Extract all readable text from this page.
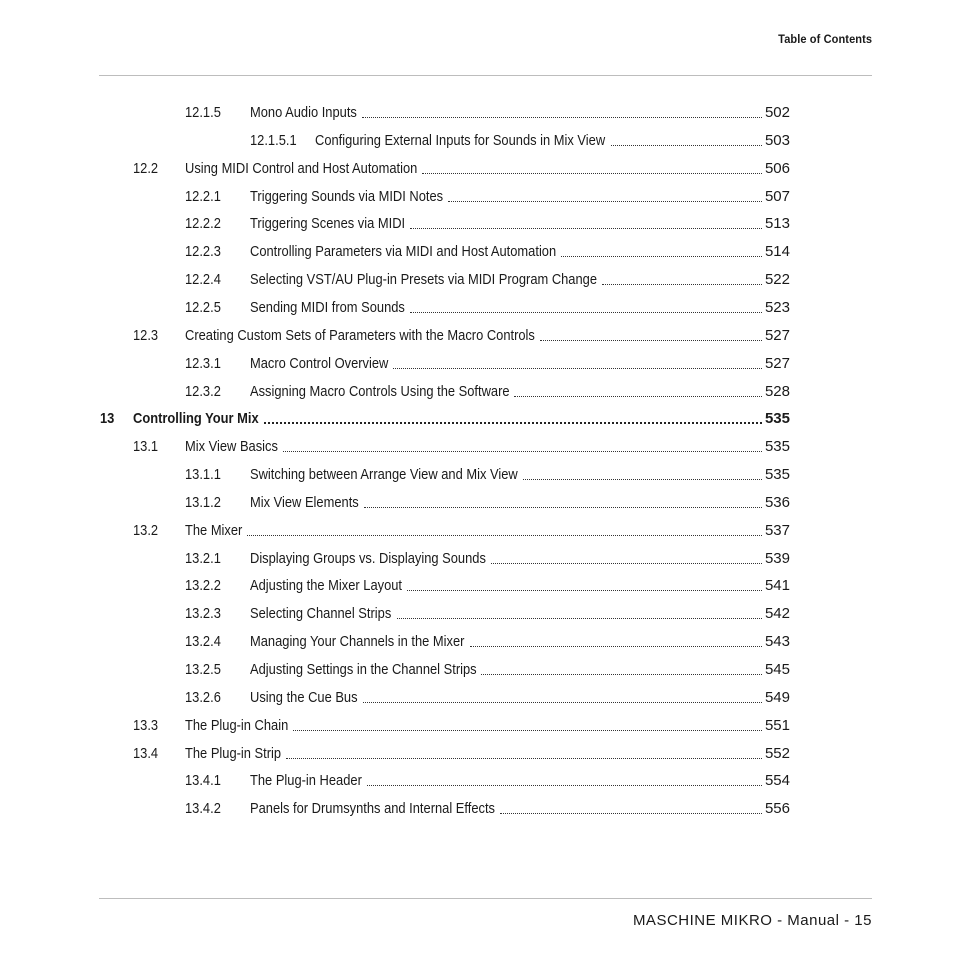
Table of Contents
12.1.5 Mono Audio Inputs	502
12.1.5.1 Configuring External Inputs for Sounds in Mix View	503
12.2 Using MIDI Control and Host Automation	506
12.2.1 Triggering Sounds via MIDI Notes	507
12.2.2 Triggering Scenes via MIDI	513
12.2.3 Controlling Parameters via MIDI and Host Automation	514
12.2.4 Selecting VST/AU Plug-in Presets via MIDI Program Change	522
12.2.5 Sending MIDI from Sounds	523
12.3 Creating Custom Sets of Parameters with the Macro Controls	527
12.3.1 Macro Control Overview	527
12.3.2 Assigning Macro Controls Using the Software	528
13 Controlling Your Mix	535
13.1 Mix View Basics	535
13.1.1 Switching between Arrange View and Mix View	535
13.1.2 Mix View Elements	536
13.2 The Mixer	537
13.2.1 Displaying Groups vs. Displaying Sounds	539
13.2.2 Adjusting the Mixer Layout	541
13.2.3 Selecting Channel Strips	542
13.2.4 Managing Your Channels in the Mixer	543
13.2.5 Adjusting Settings in the Channel Strips	545
13.2.6 Using the Cue Bus	549
13.3 The Plug-in Chain	551
13.4 The Plug-in Strip	552
13.4.1 The Plug-in Header	554
13.4.2 Panels for Drumsynths and Internal Effects	556
MASCHINE MIKRO - Manual - 15
